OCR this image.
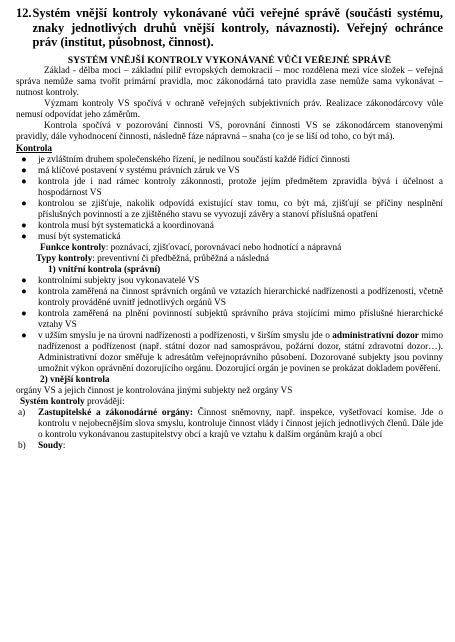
12. Systém vnější kontroly vykonávané vůči veřejné správě (součásti systému, znaky jednotlivých druhů vnější kontroly, návaznosti). Veřejný ochránce práv (institut, působnost, činnost).
SYSTÉM VNĚJŠÍ KONTROLY VYKONÁVANÉ VŮČI VEŘEJNÉ SPRÁVĚ

Základ - dělba moci – základní pilíř evropských demokracií – moc rozdělena mezi více složek – veřejná správa nemůže sama tvořit primární pravidla, moc zákonodárná tato pravidla zase nemůže sama vykonávat – nutnost kontroly.

Výzmam kontroly VS spočívá v ochraně veřejných subjektivních práv. Realizace zákonodárcovy vůle nemusí odpovídat jeho záměrům.

Kontrola spočívá v pozorování činnosti VS, porovnání činnosti VS se zákonodárcem stanovenými pravidly, dále vyhodnocení činnosti, následně fáze nápravná – snaha (co je se liší od toho, co být má).

Kontrola
● je zvláštním druhem společenského řízení, je nedílnou součástí každé řídící činnosti
● má klíčové postavení v systému právních záruk ve VS
● kontrola jde i nad rámec kontroly zákonnosti, protože jejím předmětem zpravidla bývá i účelnost a hospodárnost VS
● kontrolou se zjišťuje, nakolik odpovídá existující stav tomu, co být má, zjišťují se příčiny nesplnění příslušných povinností a ze zjištěného stavu se vyvozují závěry a stanoví příslušná opatření
● kontrola musí být systematická a koordinovaná
● musí být systematická

Funkce kontroly: poznávací, zjišťovací, porovnávací nebo hodnotící a nápravná

Typy kontroly: preventivní či předběžná, průběžná a následná

1) vnitřní kontrola (správní)

● kontrolními subjekty jsou vykonavatelé VS
● kontrola zaměřená na činnost správních orgánů ve vztazích hierarchické nadřízenosti a podřízenosti, včetně kontroly prováděné uvnitř jednotlivých orgánů VS
● kontrola zaměřená na plnění povinností subjektů správního práva stojícími mimo příslušné hierarchické vztahy VS
● v užším smyslu je na úrovni nadřízenosti a podřízenosti, v širším smyslu jde o administrativní dozor mimo nadřízenost a podřízenost (např. státní dozor nad samosprávou, požární dozor, státní zdravotní dozor…). Administrativní dozor směřuje k adresátům veřejnoprávního působení. Dozorované subjekty jsou povinny umožnit výkon oprávnění dozorujícího orgánu. Dozorující orgán je povinen se prokázat dokladem pověření.

2) vnější kontrola

orgány VS a jejich činnost je kontrolována jinými subjekty než orgány VS

Systém kontroly provádějí:

a) Zastupitelské a zákonodárné orgány: Činnost sněmovny, např. inspekce, vyšetřovací komise. Jde o kontrolu v nejobecnějším slova smyslu, kontroluje činnost vlády i činnost jejích jednotlivých členů. Dále jde o kontrolu vykonávanou zastupitelstvy obcí a krajů ve vztahu k dalším orgánům krajů a obcí
b) Soudy:
